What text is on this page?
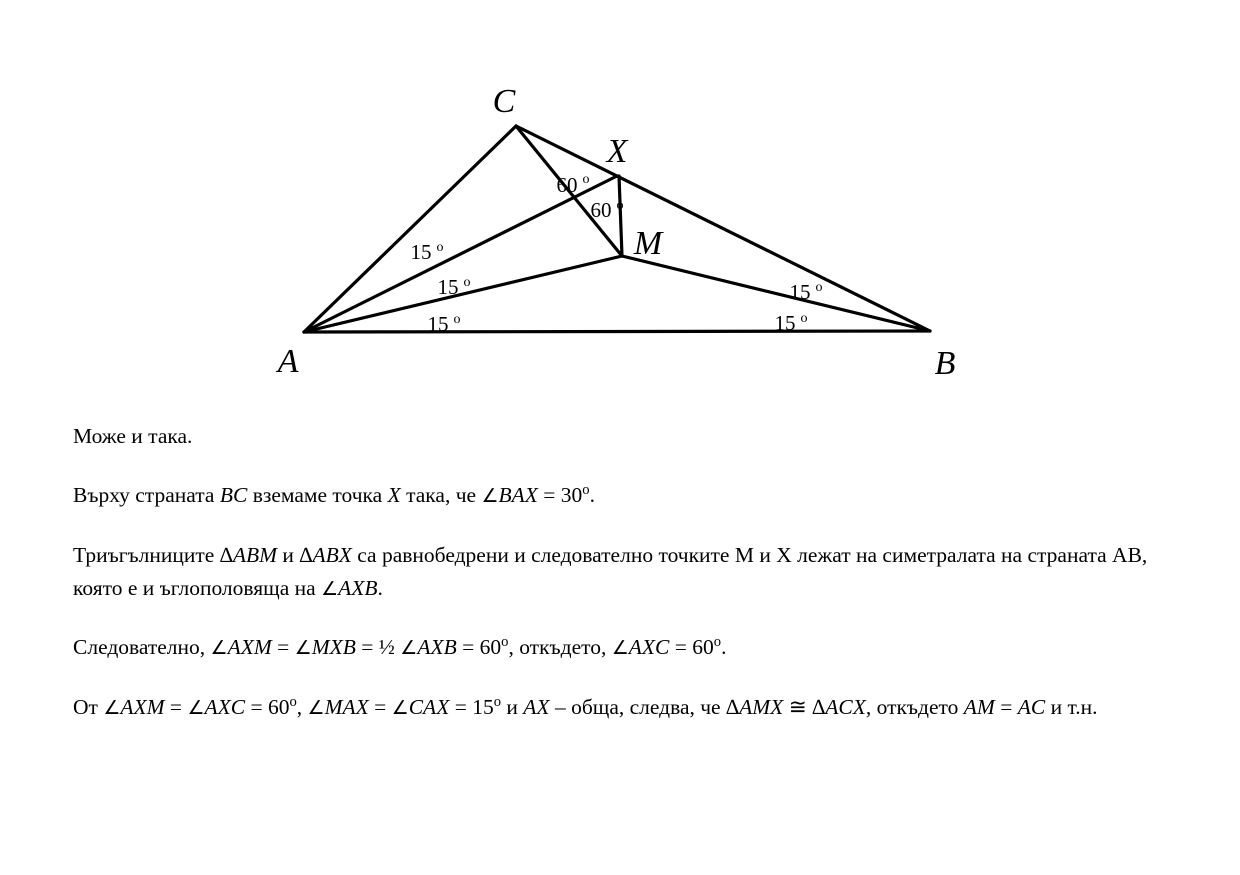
C
X
M
A	B
60 o
60 o
15 o
15 o
15 o
15 o
15 o

Може и така.

Върху страната BC вземаме точка X така, че ∠BAX = $30^o$.

Триъгълниците ∆ABM и ∆ABX са равнобедрени и следователно точките М и Х лежат на симетралата на страната АВ, която е и ъглополовяща на ∠AXB.

Следователно, ∠AXM = ∠MXB = ½ ∠AXB = $60^o$, откъдето, ∠AXC = $60^o$.

От ∠AXM = ∠AXC = $60^o$, ∠MAX = ∠CAX = $15^o$ и AX – обща, следва, че ∆AMX ≅ ∆ACX, откъдето AM = AC и т.н.
